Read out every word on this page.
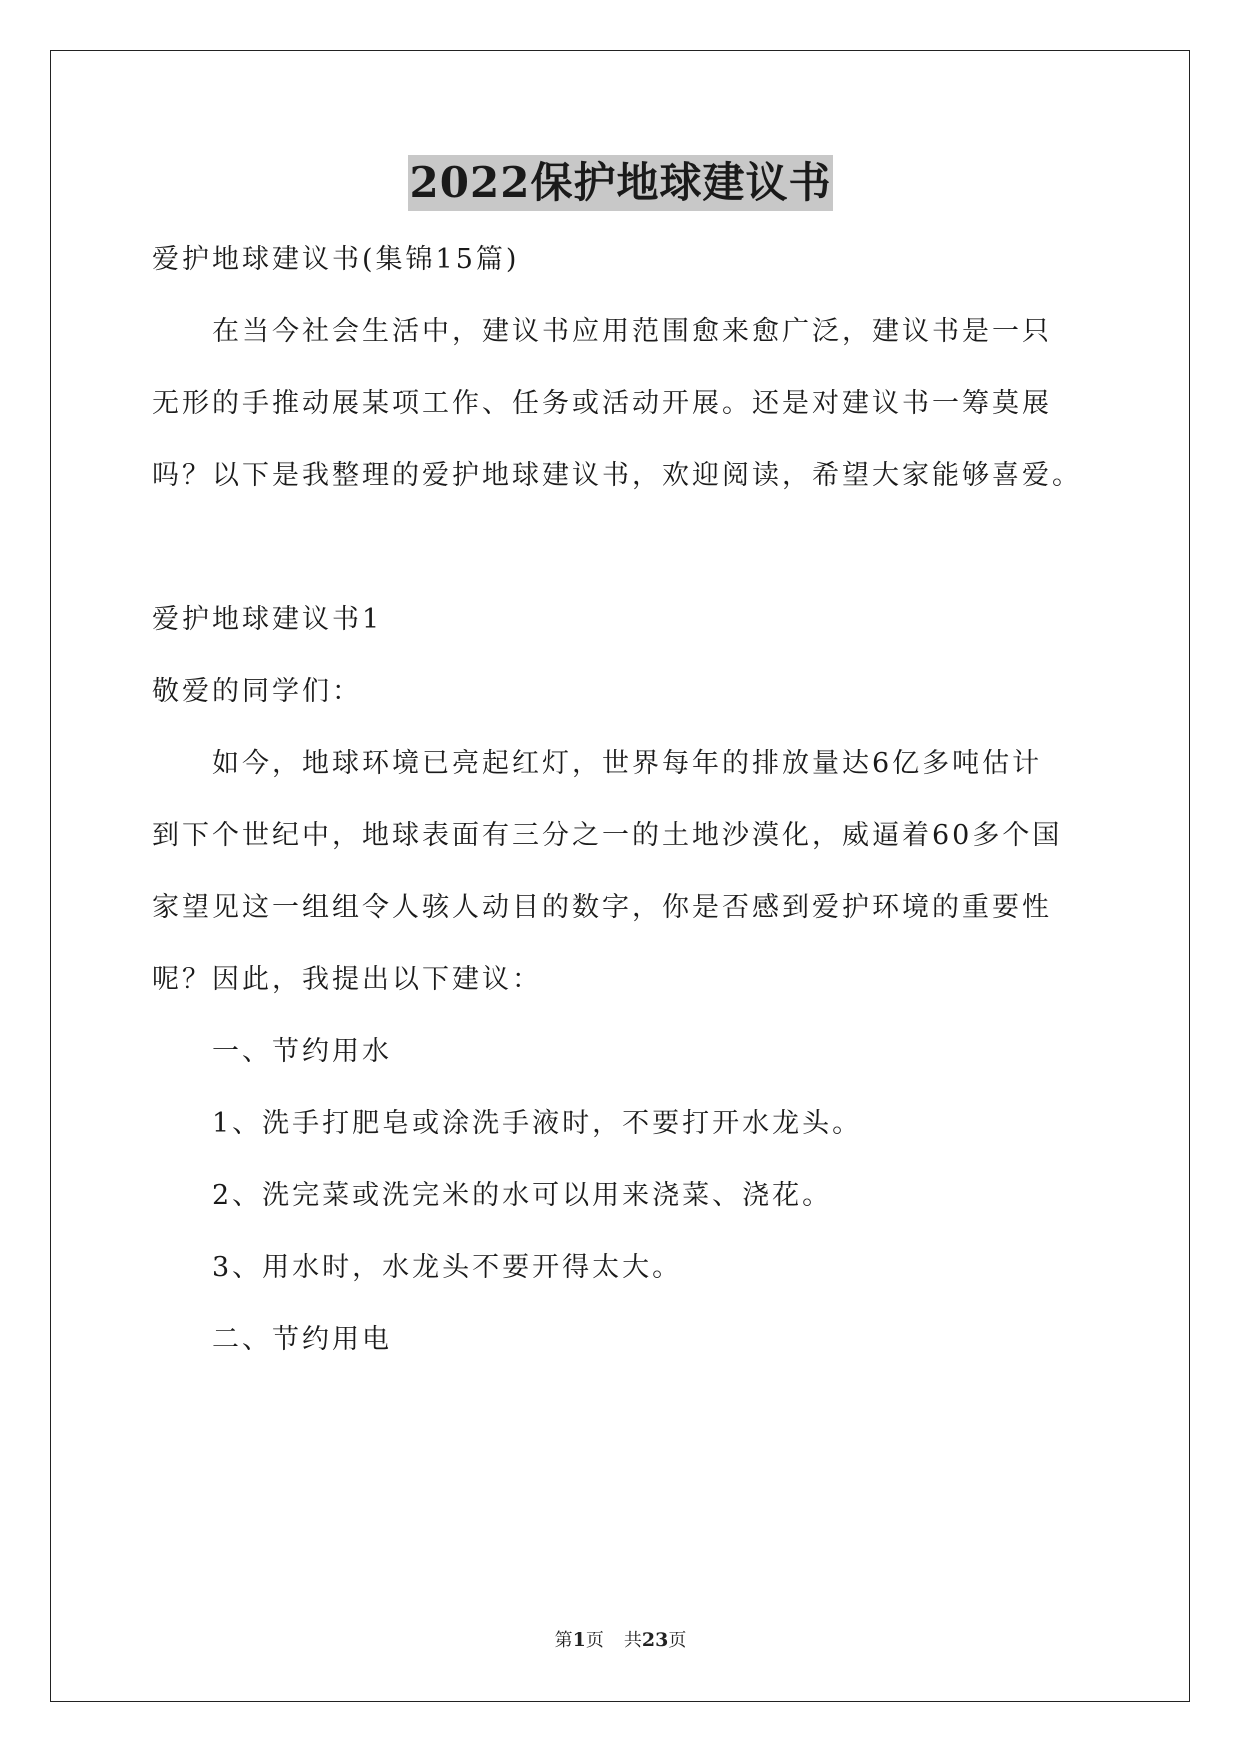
2022保护地球建议书
爱护地球建议书(集锦15篇)
在当今社会生活中，建议书应用范围愈来愈广泛，建议书是一只
无形的手推动展某项工作、任务或活动开展。还是对建议书一筹莫展
吗？以下是我整理的爱护地球建议书，欢迎阅读，希望大家能够喜爱。
爱护地球建议书1
敬爱的同学们：
如今，地球环境已亮起红灯，世界每年的排放量达6亿多吨估计
到下个世纪中，地球表面有三分之一的土地沙漠化，威逼着60多个国
家望见这一组组令人骇人动目的数字，你是否感到爱护环境的重要性
呢？因此，我提出以下建议：
一、节约用水
1、洗手打肥皂或涂洗手液时，不要打开水龙头。
2、洗完菜或洗完米的水可以用来浇菜、浇花。
3、用水时，水龙头不要开得太大。
二、节约用电
第1页 共23页
